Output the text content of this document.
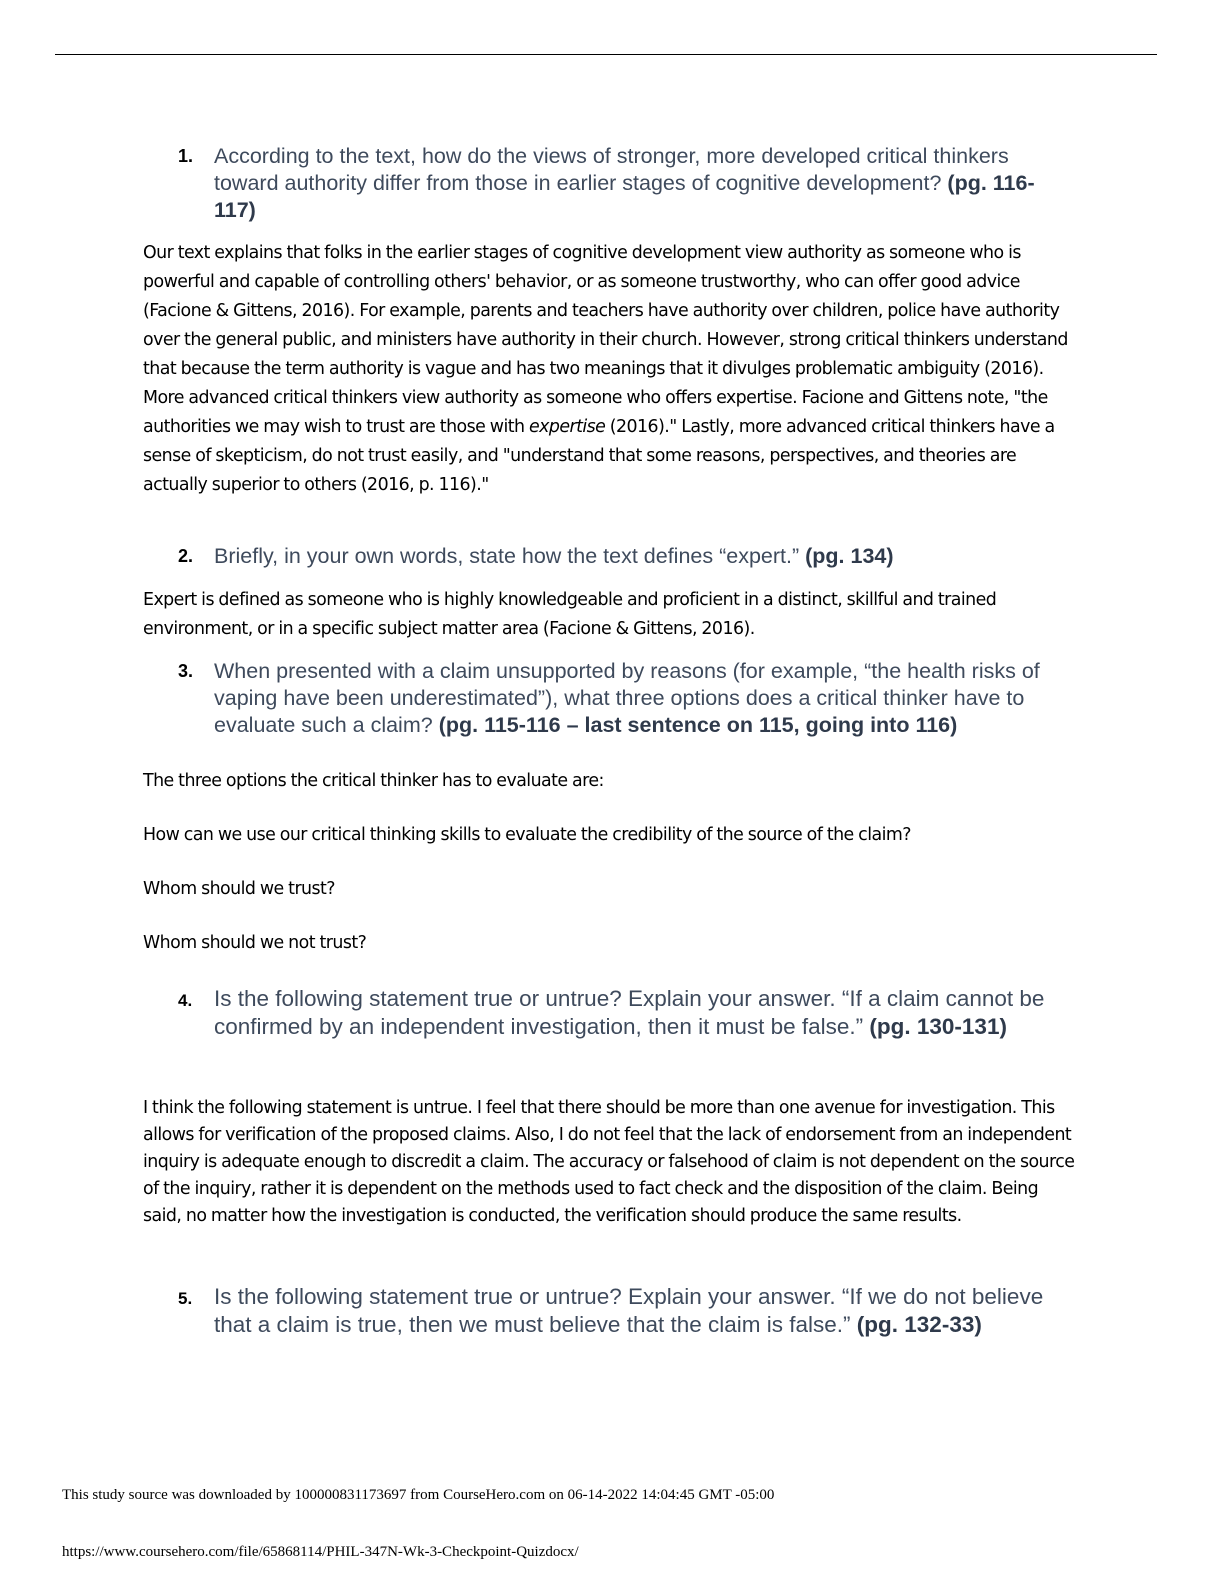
1. According to the text, how do the views of stronger, more developed critical thinkers toward authority differ from those in earlier stages of cognitive development? (pg. 116-117)
Our text explains that folks in the earlier stages of cognitive development view authority as someone who is powerful and capable of controlling others' behavior, or as someone trustworthy, who can offer good advice (Facione & Gittens, 2016). For example, parents and teachers have authority over children, police have authority over the general public, and ministers have authority in their church. However, strong critical thinkers understand that because the term authority is vague and has two meanings that it divulges problematic ambiguity (2016). More advanced critical thinkers view authority as someone who offers expertise. Facione and Gittens note, "the authorities we may wish to trust are those with expertise (2016)." Lastly, more advanced critical thinkers have a sense of skepticism, do not trust easily, and "understand that some reasons, perspectives, and theories are actually superior to others (2016, p. 116)."
2. Briefly, in your own words, state how the text defines “expert.” (pg. 134)
Expert is defined as someone who is highly knowledgeable and proficient in a distinct, skillful and trained environment, or in a specific subject matter area (Facione & Gittens, 2016).
3. When presented with a claim unsupported by reasons (for example, “the health risks of vaping have been underestimated”), what three options does a critical thinker have to evaluate such a claim? (pg. 115-116 – last sentence on 115, going into 116)
The three options the critical thinker has to evaluate are:
How can we use our critical thinking skills to evaluate the credibility of the source of the claim?
Whom should we trust?
Whom should we not trust?
4. Is the following statement true or untrue? Explain your answer. “If a claim cannot be confirmed by an independent investigation, then it must be false.” (pg. 130-131)
I think the following statement is untrue. I feel that there should be more than one avenue for investigation. This allows for verification of the proposed claims. Also, I do not feel that the lack of endorsement from an independent inquiry is adequate enough to discredit a claim. The accuracy or falsehood of claim is not dependent on the source of the inquiry, rather it is dependent on the methods used to fact check and the disposition of the claim. Being said, no matter how the investigation is conducted, the verification should produce the same results.
5. Is the following statement true or untrue? Explain your answer. “If we do not believe that a claim is true, then we must believe that the claim is false.” (pg. 132-33)
This study source was downloaded by 100000831173697 from CourseHero.com on 06-14-2022 14:04:45 GMT -05:00
https://www.coursehero.com/file/65868114/PHIL-347N-Wk-3-Checkpoint-Quizdocx/
